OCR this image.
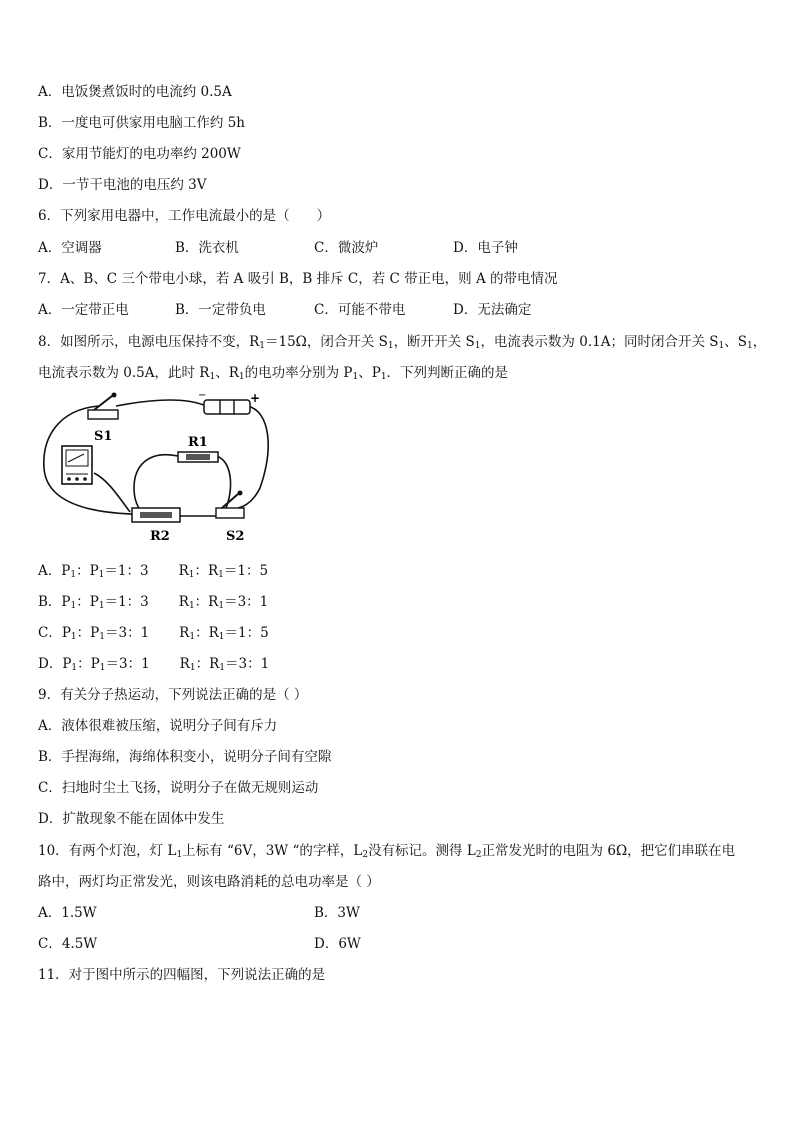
A．电饭煲煮饭时的电流约 0.5A
B．一度电可供家用电脑工作约 5h
C．家用节能灯的电功率约 200W
D．一节干电池的电压约 3V
6．下列家用电器中，工作电流最小的是（　　）
A．空调器	B．洗衣机	C．微波炉	D．电子钟
7．A、B、C 三个带电小球，若 A 吸引 B，B 排斥 C，若 C 带正电，则 A 的带电情况
A．一定带正电	B．一定带负电	C．可能不带电	D．无法确定
8．如图所示，电源电压保持不变，$R_1=15\Omega$，闭合开关 $S_1$，断开开关 $S_1$，电流表示数为 0.1A；同时闭合开关 $S_1$、$S_1$，
电流表示数为 0.5A，此时 $R_1$、$R_1$的电功率分别为 $P_1$、$P_1$．下列判断正确的是
−	+
S1	R1
R2	S2
A．$P_1$：$P_1=1$：3 $R_1$：$R_1=1$：5
B．$P_1$：$P_1=1$：3 $R_1$：$R_1=3$：1
C．$P_1$：$P_1=3$：1 $R_1$：$R_1=1$：5
D．$P_1$：$P_1=3$：1 $R_1$：$R_1=3$：1
9．有关分子热运动，下列说法正确的是（ ）
A．液体很难被压缩，说明分子间有斥力
B．手捏海绵，海绵体积变小，说明分子间有空隙
C．扫地时尘土飞扬，说明分子在做无规则运动
D．扩散现象不能在固体中发生
10．有两个灯泡，灯 $L_1$上标有 “6V，3W “的字样，$L_2$没有标记。测得 $L_2$正常发光时的电阻为 6Ω，把它们串联在电
路中，两灯均正常发光，则该电路消耗的总电功率是（ ）
A．1.5W	B．3W
C．4.5W	D．6W
11．对于图中所示的四幅图，下列说法正确的是
